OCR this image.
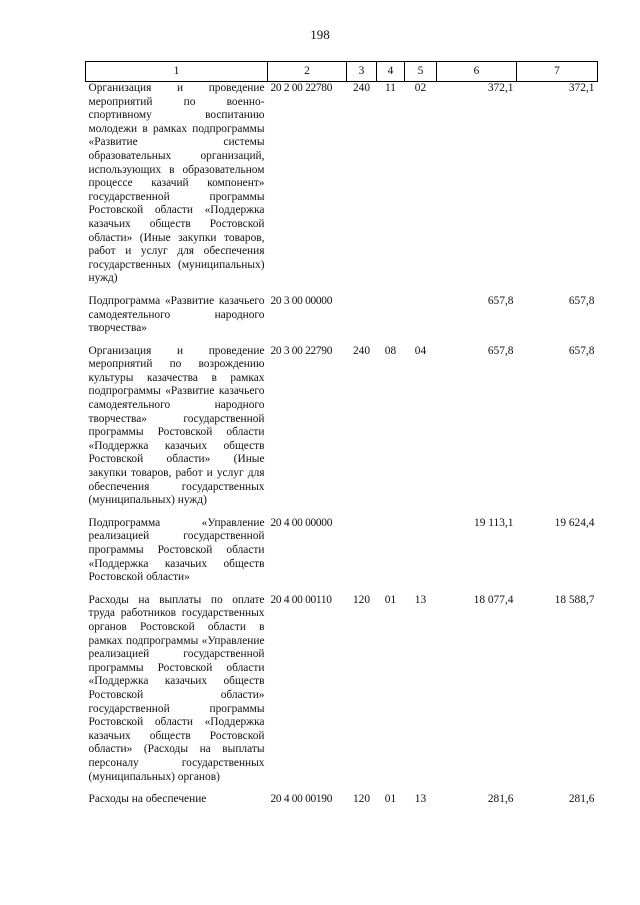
198
1	2	3	4	5	6	7
Организация и проведение мероприятий по военно-спортивному воспитанию молодежи в рамках подпрограммы «Развитие системы образовательных организаций, использующих в образовательном процессе казачий компонент» государственной программы Ростовской области «Поддержка казачьих обществ Ростовской области» (Иные закупки товаров, работ и услуг для обеспечения государственных (муниципальных) нужд)	20 2 00 22780	240	11	02	372,1	372,1
Подпрограмма «Развитие казачьего самодеятельного народного творчества»	20 3 00 00000				657,8	657,8
Организация и проведение мероприятий по возрождению культуры казачества в рамках подпрограммы «Развитие казачьего самодеятельного народного творчества» государственной программы Ростовской области «Поддержка казачьих обществ Ростовской области» (Иные закупки товаров, работ и услуг для обеспечения государственных (муниципальных) нужд)	20 3 00 22790	240	08	04	657,8	657,8
Подпрограмма «Управление реализацией государственной программы Ростовской области «Поддержка казачьих обществ Ростовской области»	20 4 00 00000				19 113,1	19 624,4
Расходы на выплаты по оплате труда работников государственных органов Ростовской области в рамках подпрограммы «Управление реализацией государственной программы Ростовской области «Поддержка казачьих обществ Ростовской области» государственной программы Ростовской области «Поддержка казачьих обществ Ростовской области» (Расходы на выплаты персоналу государственных (муниципальных) органов)	20 4 00 00110	120	01	13	18 077,4	18 588,7
Расходы на обеспечение	20 4 00 00190	120	01	13	281,6	281,6
